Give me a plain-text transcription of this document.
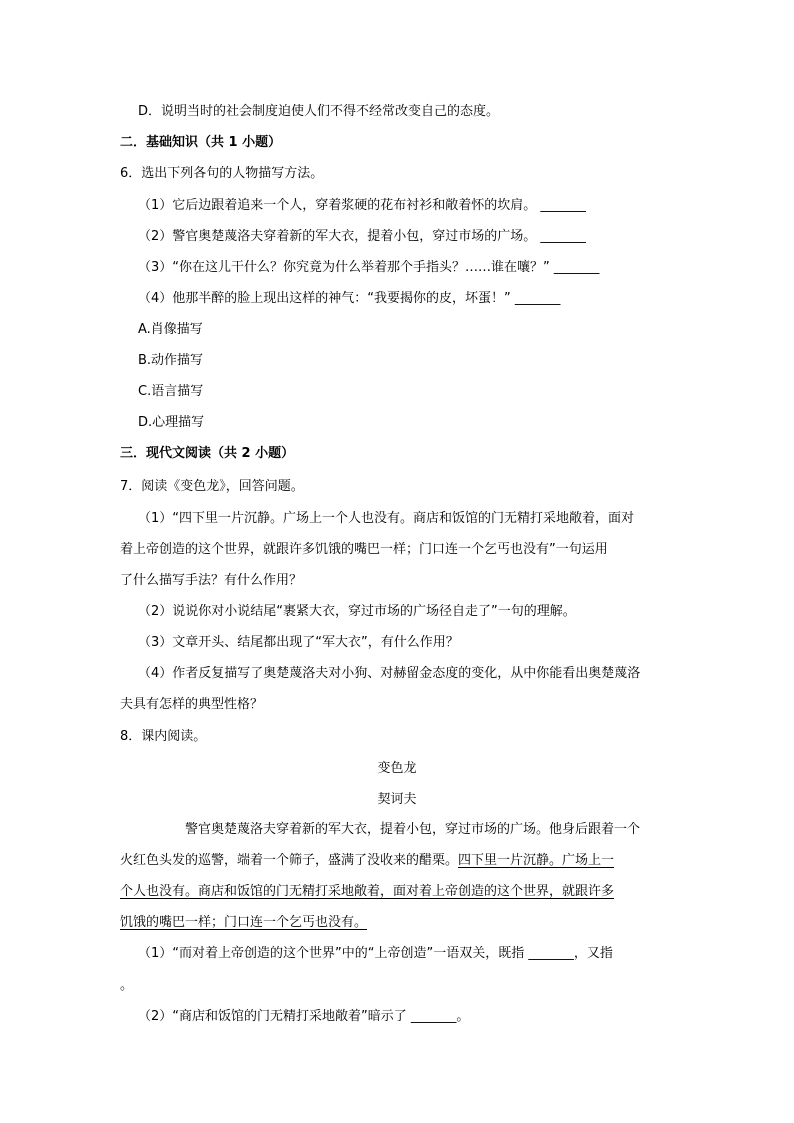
D．说明当时的社会制度迫使人们不得不经常改变自己的态度。
二．基础知识（共 1 小题）
6．选出下列各句的人物描写方法。
（1）它后边跟着追来一个人，穿着浆硬的花布衬衫和敞着怀的坎肩。 _______
（2）警官奥楚蔑洛夫穿着新的军大衣，提着小包，穿过市场的广场。 _______
（3）“你在这儿干什么？你究竟为什么举着那个手指头？……谁在嚷？” _______
（4）他那半醉的脸上现出这样的神气：“我要揭你的皮，坏蛋！” _______
A.肖像描写
B.动作描写
C.语言描写
D.心理描写
三．现代文阅读（共 2 小题）
7．阅读《变色龙》，回答问题。
（1）“四下里一片沉静。广场上一个人也没有。商店和饭馆的门无精打采地敞着，面对
着上帝创造的这个世界，就跟许多饥饿的嘴巴一样；门口连一个乞丐也没有”一句运用
了什么描写手法？有什么作用？
（2）说说你对小说结尾“裹紧大衣，穿过市场的广场径自走了”一句的理解。
（3）文章开头、结尾都出现了“军大衣”，有什么作用？
（4）作者反复描写了奥楚蔑洛夫对小狗、对赫留金态度的变化，从中你能看出奥楚蔑洛
夫具有怎样的典型性格？
8．课内阅读。
变色龙
契诃夫
警官奥楚蔑洛夫穿着新的军大衣，提着小包，穿过市场的广场。他身后跟着一个
火红色头发的巡警，端着一个筛子，盛满了没收来的醋栗。四下里一片沉静。广场上一
个人也没有。商店和饭馆的门无精打采地敞着，面对着上帝创造的这个世界，就跟许多
饥饿的嘴巴一样；门口连一个乞丐也没有。
（1）“而对着上帝创造的这个世界”中的“上帝创造”一语双关，既指 _______，又指
。
（2）“商店和饭馆的门无精打采地敞着”暗示了 _______。
